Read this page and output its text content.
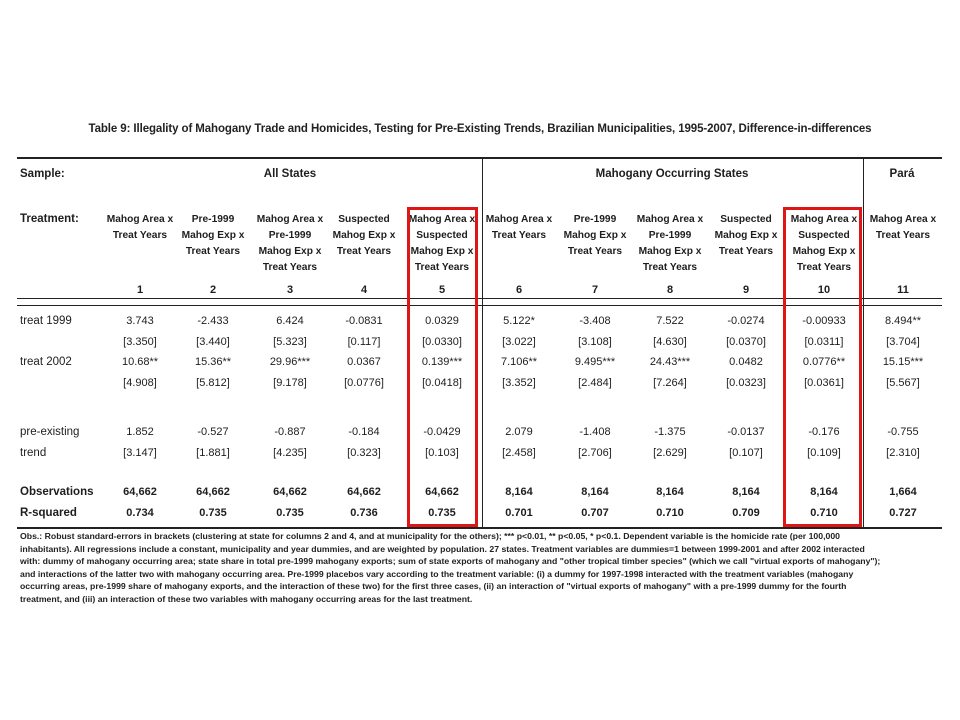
Table 9: Illegality of Mahogany Trade and Homicides, Testing for Pre-Existing Trends, Brazilian Municipalities, 1995-2007, Difference-in-differences
Sample:
Treatment:
All States	Mahogany Occurring States	Pará
Mahog Area x
Treat Years
1
Pre-1999
Mahog Exp x
Treat Years
2
Mahog Area x
Pre-1999
Mahog Exp x
Treat Years
3
Suspected
Mahog Exp x
Treat Years
4
Mahog Area x
Suspected
Mahog Exp x
Treat Years
5
Mahog Area x
Treat Years
6
Pre-1999
Mahog Exp x
Treat Years
7
Mahog Area x
Pre-1999
Mahog Exp x
Treat Years
8
Suspected
Mahog Exp x
Treat Years
9
Mahog Area x
Suspected
Mahog Exp x
Treat Years
10
Mahog Area x
Treat Years
11
treat 1999	3.743	-2.433	6.424	-0.0831	0.0329	5.122*	-3.408	7.522	-0.0274	-0.00933	8.494**
[3.350]	[3.440]	[5.323]	[0.117]	[0.0330]	[3.022]	[3.108]	[4.630]	[0.0370]	[0.0311]	[3.704]
treat 2002	10.68**	15.36**	29.96***	0.0367	0.139***	7.106**	9.495***	24.43***	0.0482	0.0776**	15.15***
[4.908]	[5.812]	[9.178]	[0.0776]	[0.0418]	[3.352]	[2.484]	[7.264]	[0.0323]	[0.0361]	[5.567]
pre-existing	1.852	-0.527	-0.887	-0.184	-0.0429	2.079	-1.408	-1.375	-0.0137	-0.176	-0.755
trend	[3.147]	[1.881]	[4.235]	[0.323]	[0.103]	[2.458]	[2.706]	[2.629]	[0.107]	[0.109]	[2.310]
Observations	64,662	64,662	64,662	64,662	64,662	8,164	8,164	8,164	8,164	8,164	1,664
R-squared	0.734	0.735	0.735	0.736	0.735	0.701	0.707	0.710	0.709	0.710	0.727
Obs.: Robust standard-errors in brackets (clustering at state for columns 2 and 4, and at municipality for the others); *** p<0.01, ** p<0.05, * p<0.1. Dependent variable is the homicide rate (per 100,000
inhabitants). All regressions include a constant, municipality and year dummies, and are weighted by population. 27 states. Treatment variables are dummies=1 between 1999-2001 and after 2002 interacted
with: dummy of mahogany occurring area; state share in total pre-1999 mahogany exports; sum of state exports of mahogany and "other tropical timber species" (which we call "virtual exports of mahogany");
and interactions of the latter two with mahogany occurring area. Pre-1999 placebos vary according to the treatment variable: (i) a dummy for 1997-1998 interacted with the treatment variables (mahogany
occurring areas, pre-1999 share of mahogany exports, and the interaction of these two) for the first three cases, (ii) an interaction of "virtual exports of mahogany" with a pre-1999 dummy for the fourth
treatment, and (iii) an interaction of these two variables with mahogany occurring areas for the last treatment.
